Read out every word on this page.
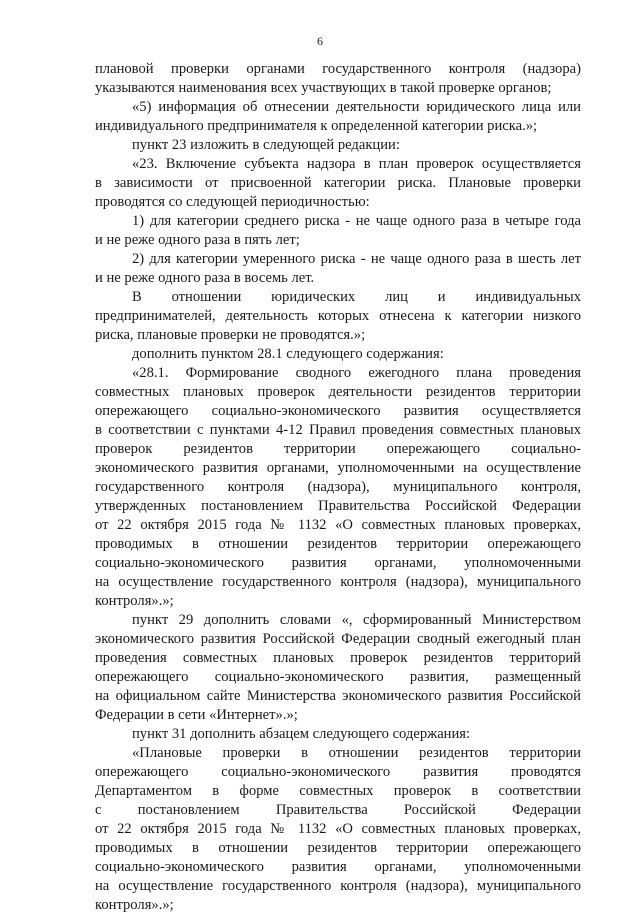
6
плановой проверки органами государственного контроля (надзора)
указываются наименования всех участвующих в такой проверке органов;
«5) информация об отнесении деятельности юридического лица или
индивидуального предпринимателя к определенной категории риска.»;
пункт 23 изложить в следующей редакции:
«23. Включение субъекта надзора в план проверок осуществляется
в зависимости от присвоенной категории риска. Плановые проверки
проводятся со следующей периодичностью:
1) для категории среднего риска - не чаще одного раза в четыре года
и не реже одного раза в пять лет;
2) для категории умеренного риска - не чаще одного раза в шесть лет
и не реже одного раза в восемь лет.
В отношении юридических лиц и индивидуальных
предпринимателей, деятельность которых отнесена к категории низкого
риска, плановые проверки не проводятся.»;
дополнить пунктом 28.1 следующего содержания:
«28.1. Формирование сводного ежегодного плана проведения
совместных плановых проверок деятельности резидентов территории
опережающего социально-экономического развития осуществляется
в соответствии с пунктами 4-12 Правил проведения совместных плановых
проверок резидентов территории опережающего социально-
экономического развития органами, уполномоченными на осуществление
государственного контроля (надзора), муниципального контроля,
утвержденных постановлением Правительства Российской Федерации
от 22 октября 2015 года № 1132 «О совместных плановых проверках,
проводимых в отношении резидентов территории опережающего
социально-экономического развития органами, уполномоченными
на осуществление государственного контроля (надзора), муниципального
контроля».»;
пункт 29 дополнить словами «, сформированный Министерством
экономического развития Российской Федерации сводный ежегодный план
проведения совместных плановых проверок резидентов территорий
опережающего социально-экономического развития, размещенный
на официальном сайте Министерства экономического развития Российской
Федерации в сети «Интернет».»;
пункт 31 дополнить абзацем следующего содержания:
«Плановые проверки в отношении резидентов территории
опережающего социально-экономического развития проводятся
Департаментом в форме совместных проверок в соответствии
с постановлением Правительства Российской Федерации
от 22 октября 2015 года № 1132 «О совместных плановых проверках,
проводимых в отношении резидентов территории опережающего
социально-экономического развития органами, уполномоченными
на осуществление государственного контроля (надзора), муниципального
контроля».»;
